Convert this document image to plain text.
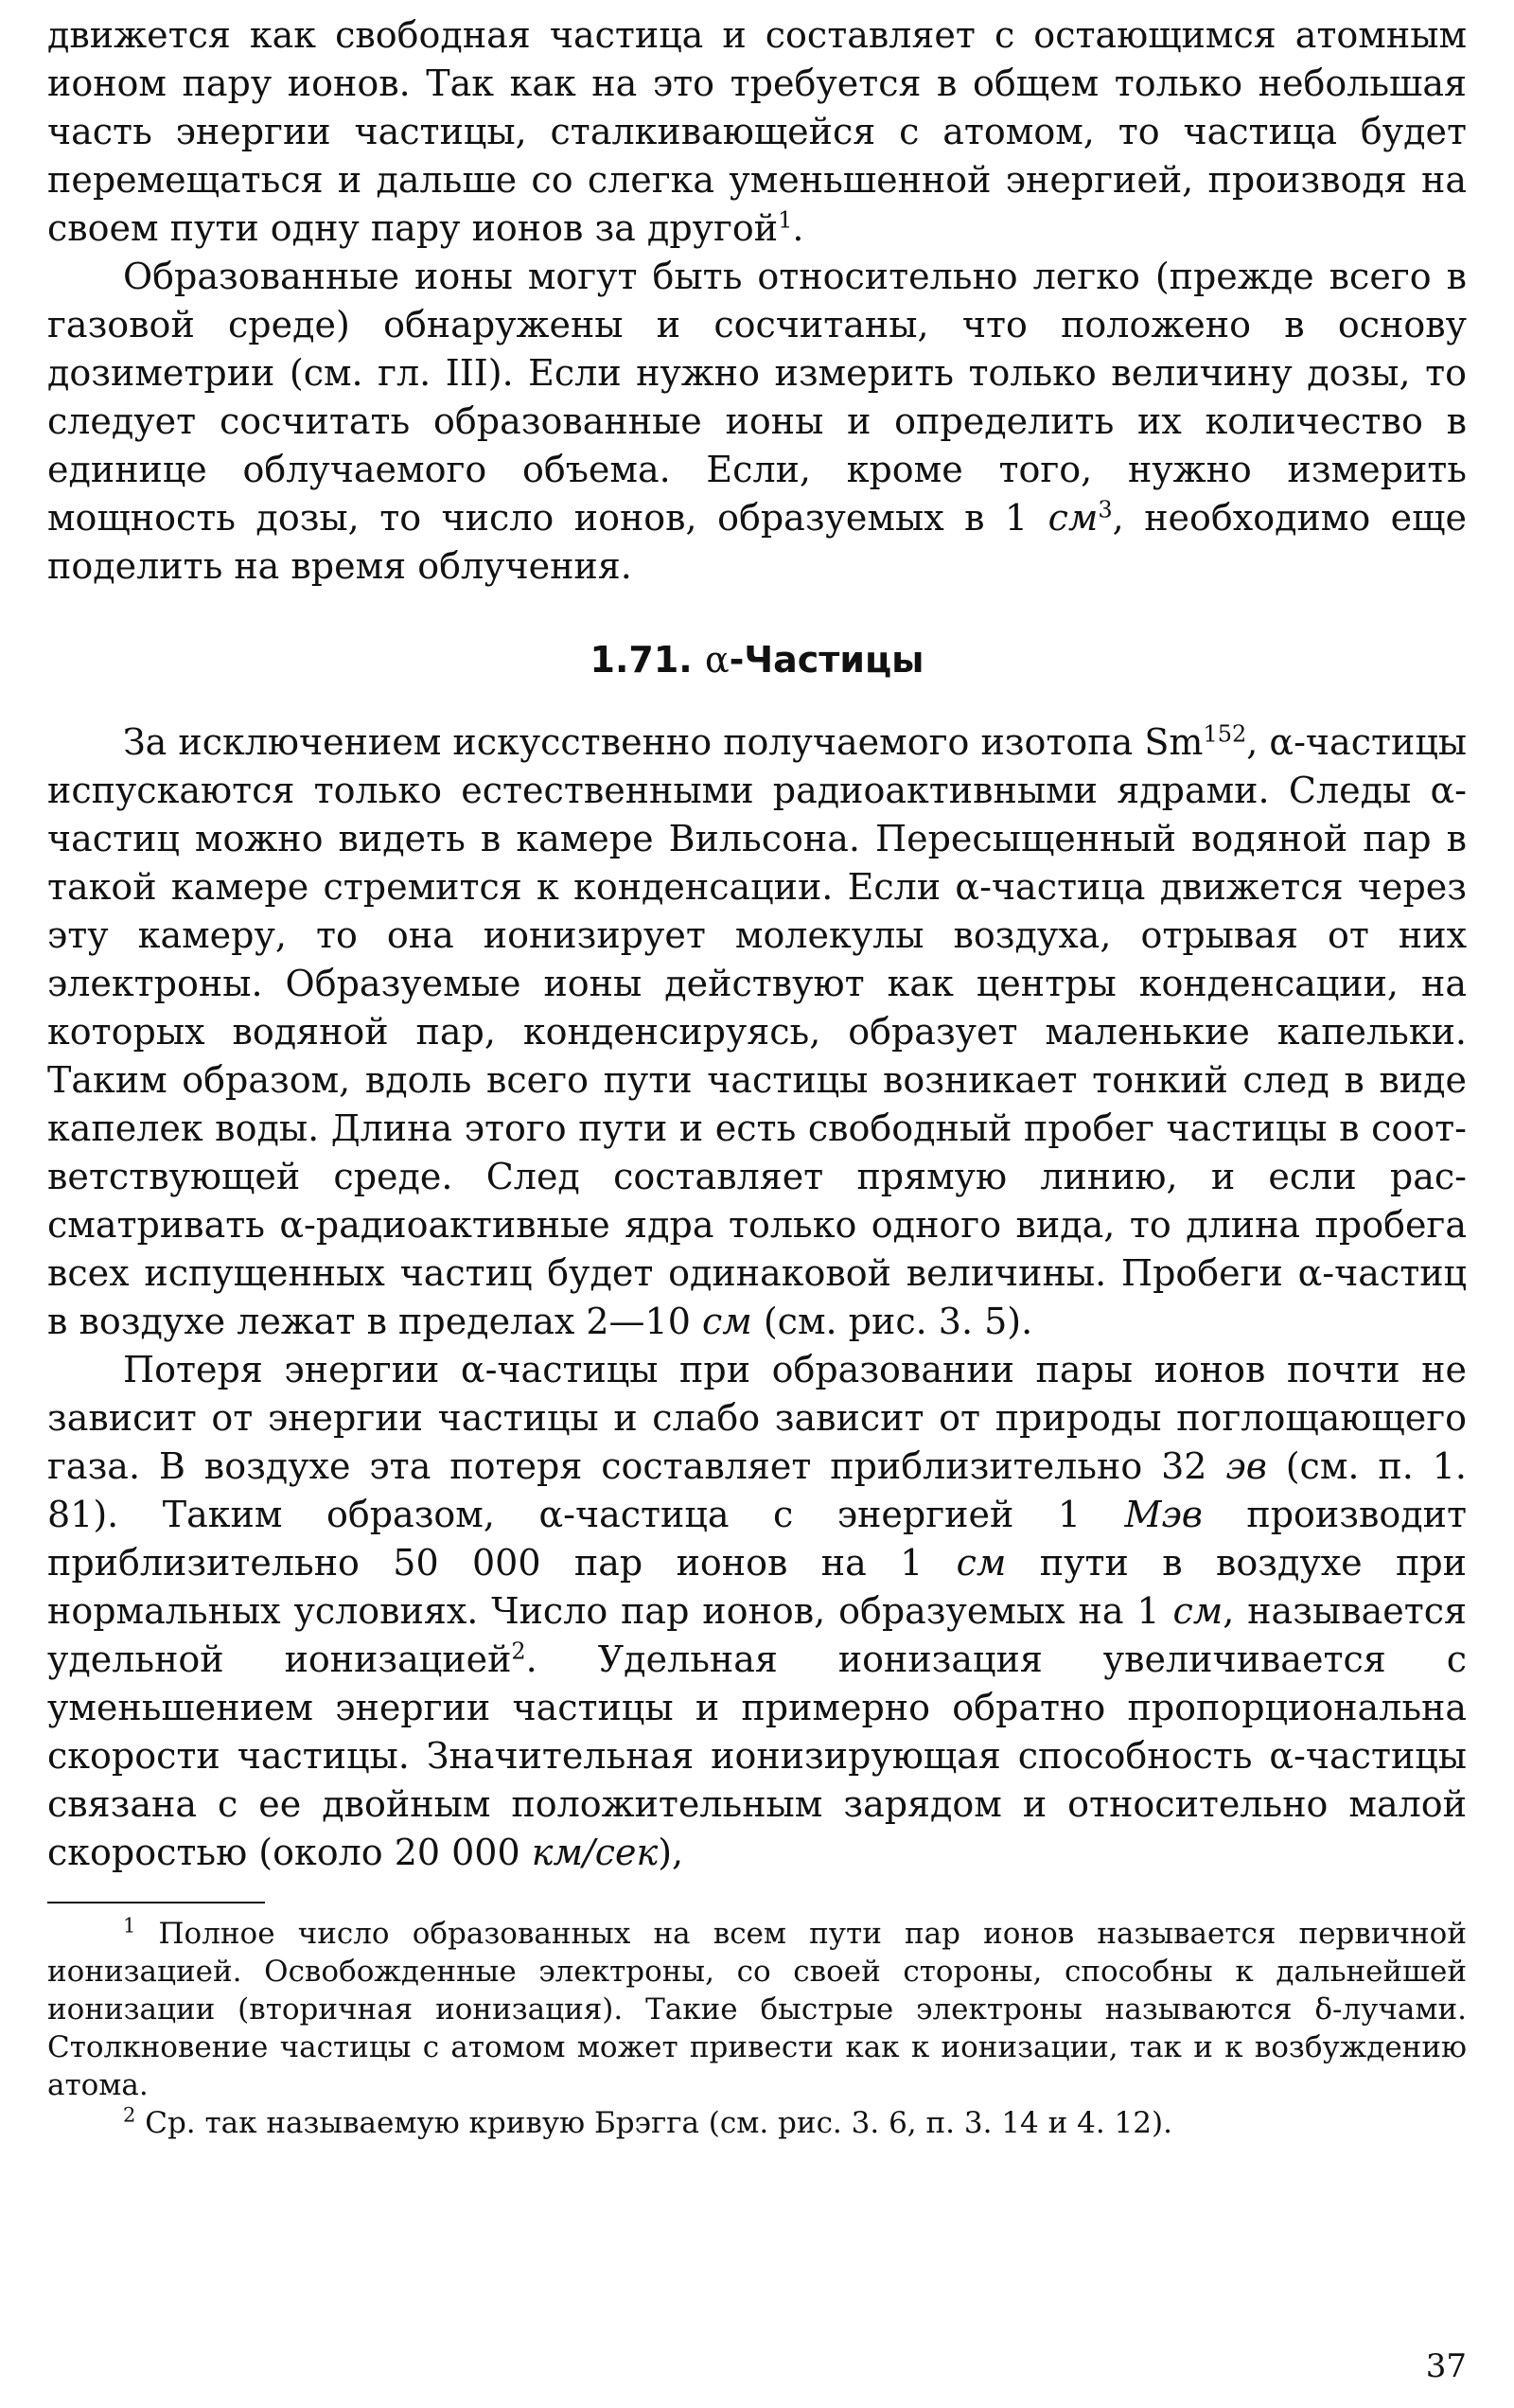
движется как свободная частица и составляет с остающимся атомным ионом пару ионов. Так как на это требуется в общем только небольшая часть энергии частицы, сталкивающейся с атомом, то частица будет перемещаться и дальше со слегка уменьшенной энергией, производя на своем пути одну пару ионов за другой$^1$.

Образованные ионы могут быть относительно легко (прежде всего в газовой среде) обнаружены и сосчитаны, что положено в основу дозиметрии (см. гл. III). Если нужно измерить только величину дозы, то следует сосчитать образованные ионы и определить их количество в единице облучаемого объема. Если, кроме того, нужно измерить мощность дозы, то число ионов, образуемых в 1 $см^3$, необходимо еще поделить на время облучения.

1.71. α-Частицы

За исключением искусственно получаемого изотопа Sm$^{152}$, α-частицы испускаются только естественными радиоактивными ядрами. Следы α-частиц можно видеть в камере Вильсона. Пересыщенный водяной пар в такой камере стремится к конденсации. Если α-частица движется через эту камеру, то она ионизирует молекулы воздуха, отрывая от них электроны. Образуемые ионы действуют как центры конденсации, на которых водяной пар, конденсируясь, образует маленькие капельки. Таким образом, вдоль всего пути частицы возникает тонкий след в виде капелек воды. Длина этого пути и есть свободный пробег частицы в соответствующей среде. След составляет прямую линию, и если рассматривать α-радиоактивные ядра только одного вида, то длина пробега всех испущенных частиц будет одинаковой величины. Пробеги α-частиц в воздухе лежат в пределах 2—10 см (см. рис. 3. 5).

Потеря энергии α-частицы при образовании пары ионов почти не зависит от энергии частицы и слабо зависит от природы поглощающего газа. В воздухе эта потеря составляет приблизительно 32 эв (см. п. 1. 81). Таким образом, α-частица с энергией 1 Мэв производит приблизительно 50 000 пар ионов на 1 см пути в воздухе при нормальных условиях. Число пар ионов, образуемых на 1 см, называется удельной ионизацией$^2$. Удельная ионизация увеличивается с уменьшением энергии частицы и примерно обратно пропорциональна скорости частицы. Значительная ионизирующая способность α-частицы связана с ее двойным положительным зарядом и относительно малой скоростью (около 20 000 км/сек),

$^1$ Полное число образованных на всем пути пар ионов называется первичной ионизацией. Освобожденные электроны, со своей стороны, способны к дальнейшей ионизации (вторичная ионизация). Такие быстрые электроны называются δ-лучами. Столкновение частицы с атомом может привести как к ионизации, так и к возбуждению атома.

$^2$ Ср. так называемую кривую Брэгга (см. рис. 3. 6, п. 3. 14 и 4. 12).

37
